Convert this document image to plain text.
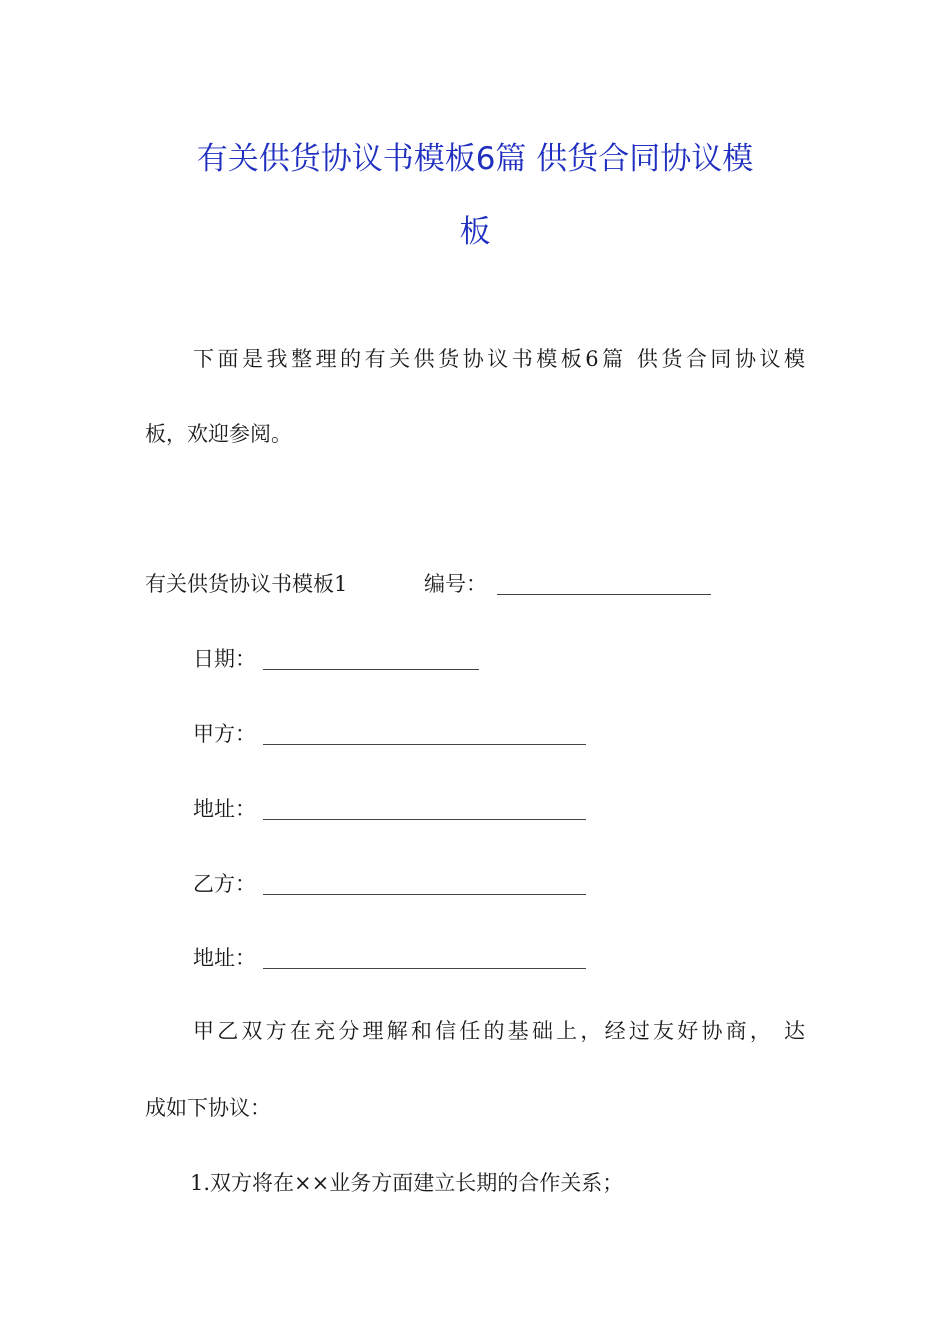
有关供货协议书模板6篇 供货合同协议模
板
下面是我整理的有关供货协议书模板6篇 供货合同协议模
板，欢迎参阅。
有关供货协议书模板1	编号：
日期：
甲方：
地址：
乙方：
地址：
甲乙双方在充分理解和信任的基础上，经过友好协商， 达
成如下协议：
1.双方将在××业务方面建立长期的合作关系；
